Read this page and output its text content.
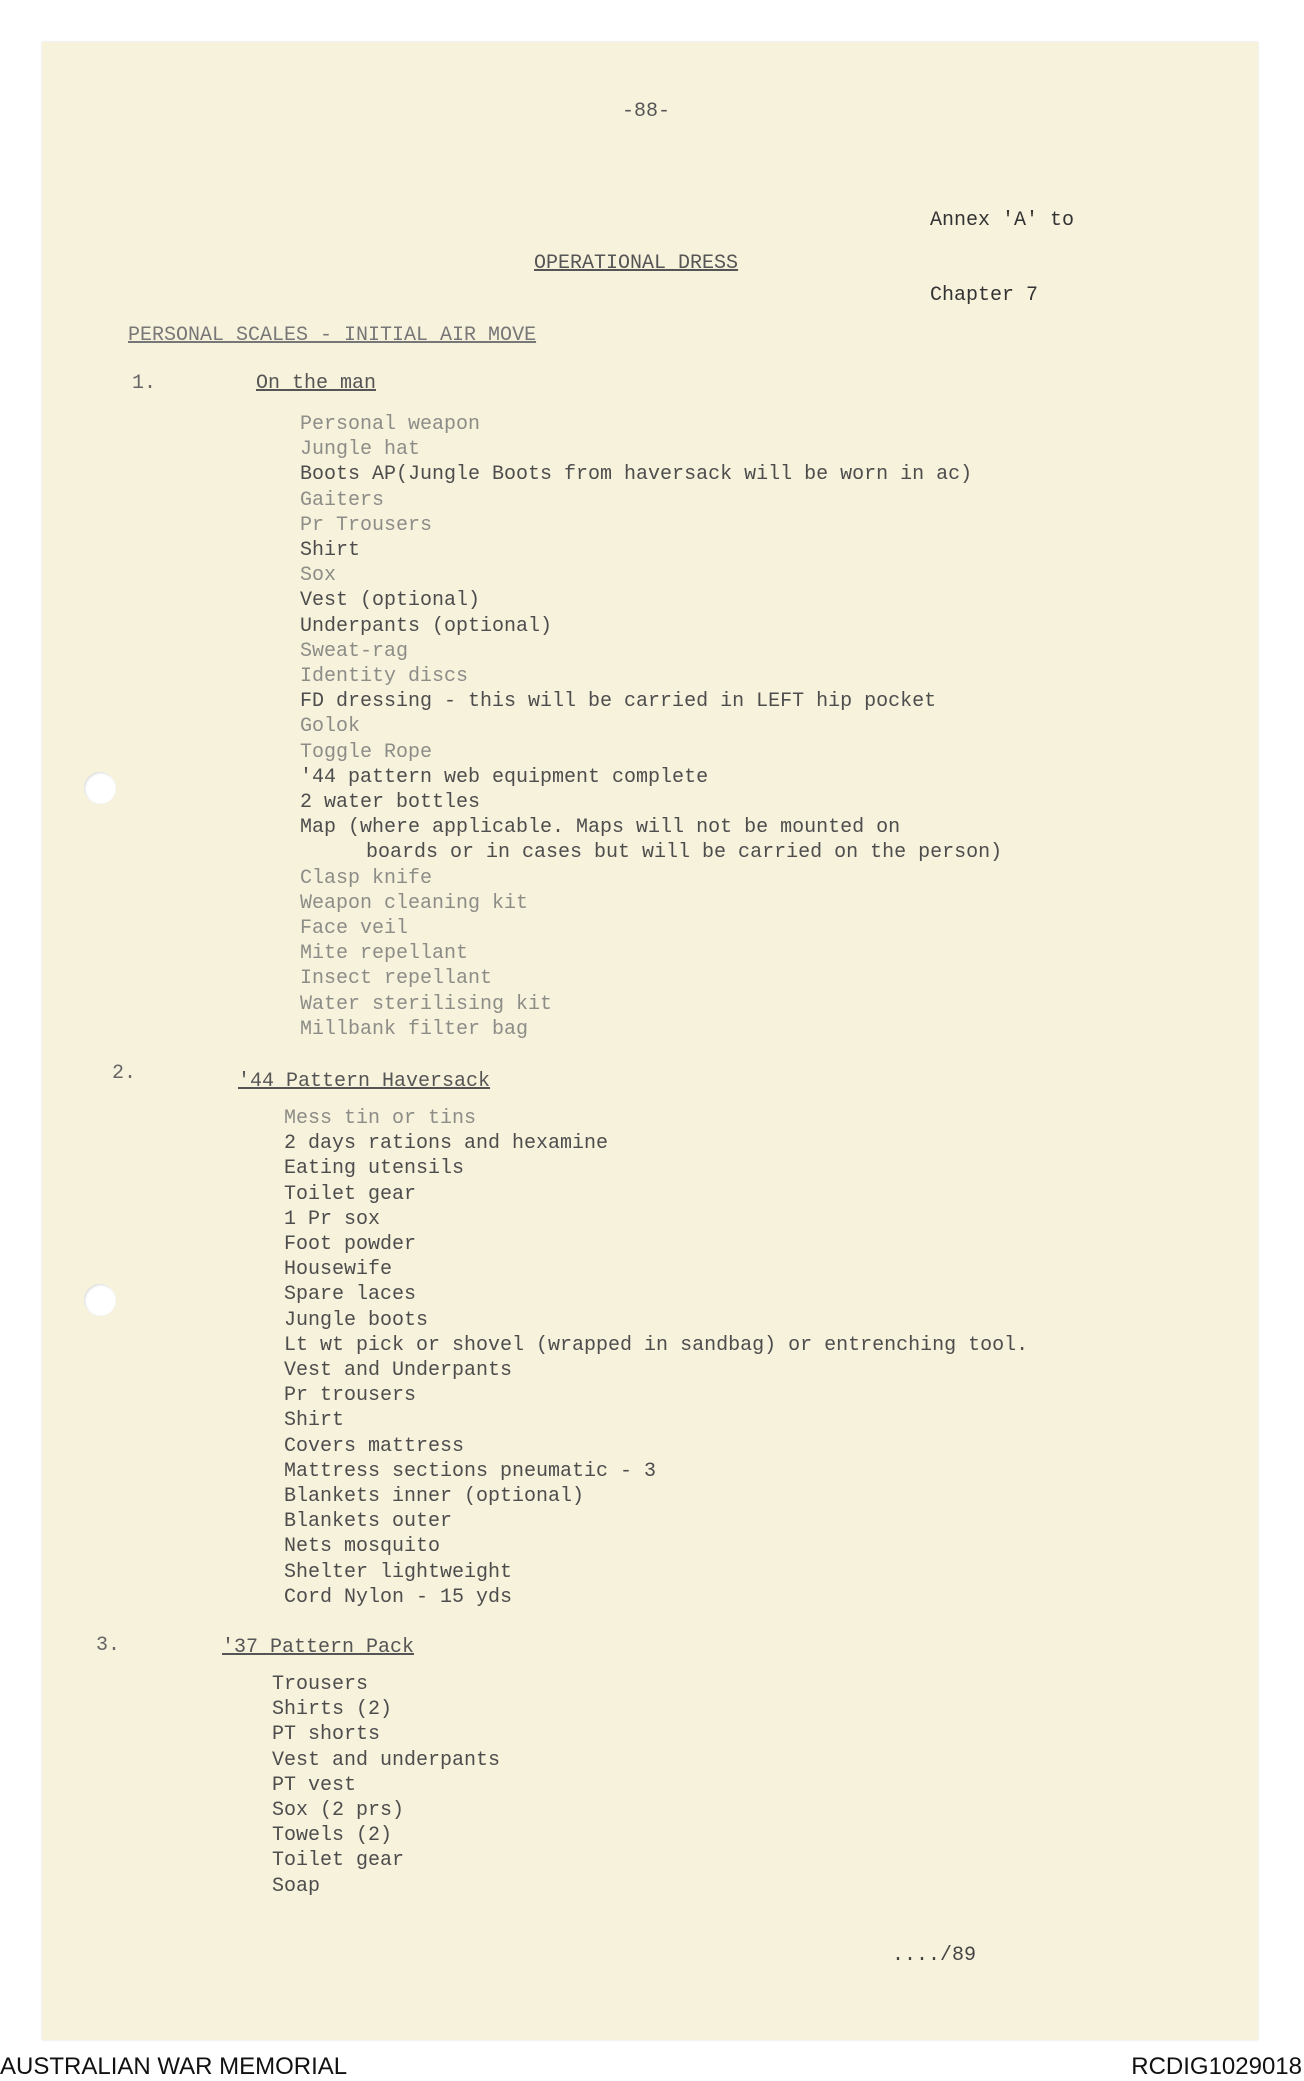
-88-

Annex 'A' to

Chapter 7

OPERATIONAL DRESS
PERSONAL SCALES - INITIAL AIR MOVE
1.	On the man
Personal weapon
Jungle hat
Boots AP(Jungle Boots from haversack will be worn in ac)
Gaiters
Pr Trousers
Shirt
Sox
Vest (optional)
Underpants (optional)
Sweat-rag
Identity discs
FD dressing - this will be carried in LEFT hip pocket
Golok
Toggle Rope
'44 pattern web equipment complete
2 water bottles
Map (where applicable. Maps will not be mounted on
boards or in cases but will be carried on the person)
Clasp knife
Weapon cleaning kit
Face veil
Mite repellant
Insect repellant
Water sterilising kit
Millbank filter bag
2.	'44 Pattern Haversack
Mess tin or tins
2 days rations and hexamine
Eating utensils
Toilet gear
1 Pr sox
Foot powder
Housewife
Spare laces
Jungle boots
Lt wt pick or shovel (wrapped in sandbag) or entrenching tool.
Vest and Underpants
Pr trousers
Shirt
Covers mattress
Mattress sections pneumatic - 3
Blankets inner (optional)
Blankets outer
Nets mosquito
Shelter lightweight
Cord Nylon - 15 yds
3.	'37 Pattern Pack
Trousers
Shirts (2)
PT shorts
Vest and underpants
PT vest
Sox (2 prs)
Towels (2)
Toilet gear
Soap
..../89
AUSTRALIAN WAR MEMORIAL	RCDIG1029018
